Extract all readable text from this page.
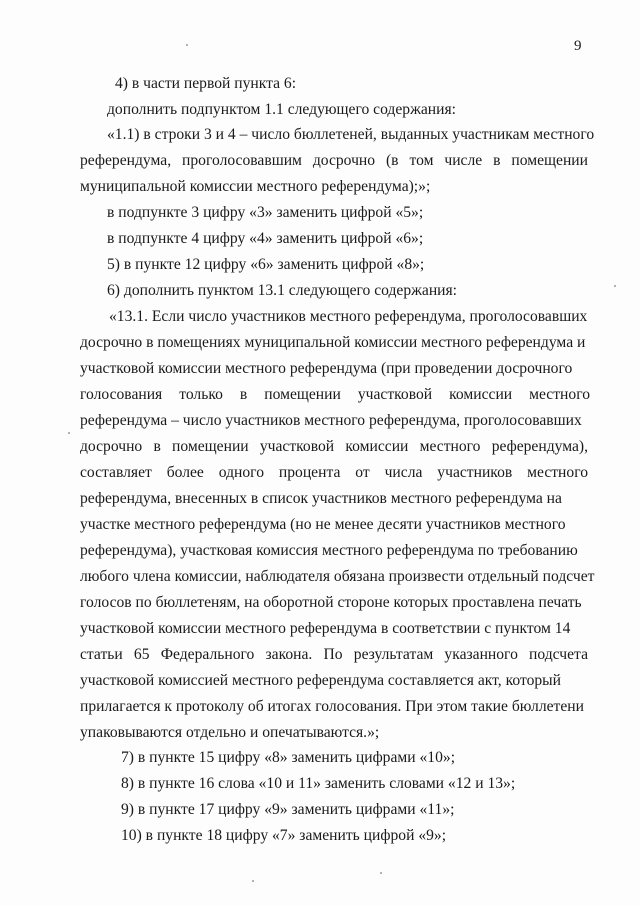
9
4) в части первой пункта 6:
дополнить подпунктом 1.1 следующего содержания:
«1.1) в строки 3 и 4 – число бюллетеней, выданных участникам местного
референдума, проголосовавшим досрочно (в том числе в помещении
муниципальной комиссии местного референдума);»;
в подпункте 3 цифру «3» заменить цифрой «5»;
в подпункте 4 цифру «4» заменить цифрой «6»;
5) в пункте 12 цифру «6» заменить цифрой «8»;
6) дополнить пунктом 13.1 следующего содержания:
«13.1. Если число участников местного референдума, проголосовавших
досрочно в помещениях муниципальной комиссии местного референдума и
участковой комиссии местного референдума (при проведении досрочного
голосования только в помещении участковой комиссии местного
референдума – число участников местного референдума, проголосовавших
досрочно в помещении участковой комиссии местного референдума),
составляет более одного процента от числа участников местного
референдума, внесенных в список участников местного референдума на
участке местного референдума (но не менее десяти участников местного
референдума), участковая комиссия местного референдума по требованию
любого члена комиссии, наблюдателя обязана произвести отдельный подсчет
голосов по бюллетеням, на оборотной стороне которых проставлена печать
участковой комиссии местного референдума в соответствии с пунктом 14
статьи 65 Федерального закона. По результатам указанного подсчета
участковой комиссией местного референдума составляется акт, который
прилагается к протоколу об итогах голосования. При этом такие бюллетени
упаковываются отдельно и опечатываются.»;
7) в пункте 15 цифру «8» заменить цифрами «10»;
8) в пункте 16 слова «10 и 11» заменить словами «12 и 13»;
9) в пункте 17 цифру «9» заменить цифрами «11»;
10) в пункте 18 цифру «7» заменить цифрой «9»;
